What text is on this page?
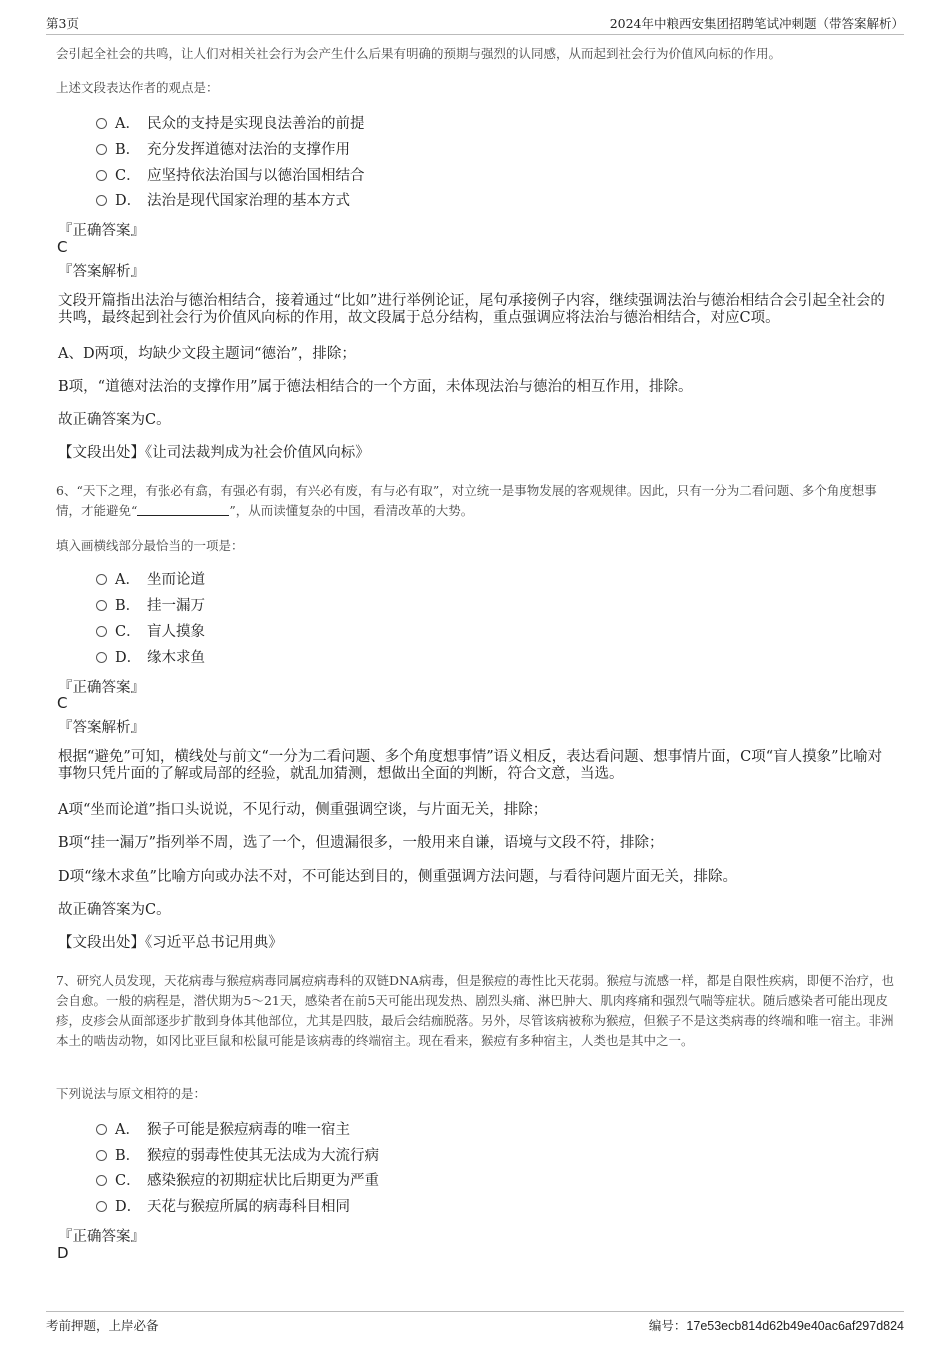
第3页	2024年中粮西安集团招聘笔试冲刺题（带答案解析）
会引起全社会的共鸣，让人们对相关社会行为会产生什么后果有明确的预期与强烈的认同感，从而起到社会行为价值风向标的作用。
上述文段表达作者的观点是：
A． 民众的支持是实现良法善治的前提
B． 充分发挥道德对法治的支撑作用
C． 应坚持依法治国与以德治国相结合
D． 法治是现代国家治理的基本方式
『正确答案』
C
『答案解析』
文段开篇指出法治与德治相结合，接着通过“比如”进行举例论证，尾句承接例子内容，继续强调法治与德治相结合会引起全社会的共鸣，最终起到社会行为价值风向标的作用，故文段属于总分结构，重点强调应将法治与德治相结合，对应C项。
A、D两项，均缺少文段主题词“德治”，排除；
B项，“道德对法治的支撑作用”属于德法相结合的一个方面，未体现法治与德治的相互作用，排除。
故正确答案为C。
【文段出处】《让司法裁判成为社会价值风向标》
6、“天下之理，有张必有翕，有强必有弱，有兴必有废，有与必有取”，对立统一是事物发展的客观规律。因此，只有一分为二看问题、多个角度想事情，才能避免“	”，从而读懂复杂的中国，看清改革的大势。
填入画横线部分最恰当的一项是：
A． 坐而论道
B． 挂一漏万
C． 盲人摸象
D． 缘木求鱼
『正确答案』
C
『答案解析』
根据“避免”可知，横线处与前文“一分为二看问题、多个角度想事情”语义相反，表达看问题、想事情片面，C项“盲人摸象”比喻对事物只凭片面的了解或局部的经验，就乱加猜测，想做出全面的判断，符合文意，当选。
A项“坐而论道”指口头说说，不见行动，侧重强调空谈，与片面无关，排除；
B项“挂一漏万”指列举不周，选了一个，但遗漏很多，一般用来自谦，语境与文段不符，排除；
D项“缘木求鱼”比喻方向或办法不对，不可能达到目的，侧重强调方法问题，与看待问题片面无关，排除。
故正确答案为C。
【文段出处】《习近平总书记用典》
7、研究人员发现，天花病毒与猴痘病毒同属痘病毒科的双链DNA病毒，但是猴痘的毒性比天花弱。猴痘与流感一样，都是自限性疾病，即便不治疗，也会自愈。一般的病程是，潜伏期为5～21天，感染者在前5天可能出现发热、剧烈头痛、淋巴肿大、肌肉疼痛和强烈气喘等症状。随后感染者可能出现皮疹，皮疹会从面部逐步扩散到身体其他部位，尤其是四肢，最后会结痂脱落。另外，尽管该病被称为猴痘，但猴子不是这类病毒的终端和唯一宿主。非洲本土的啮齿动物，如冈比亚巨鼠和松鼠可能是该病毒的终端宿主。现在看来，猴痘有多种宿主，人类也是其中之一。
下列说法与原文相符的是：
A． 猴子可能是猴痘病毒的唯一宿主
B． 猴痘的弱毒性使其无法成为大流行病
C． 感染猴痘的初期症状比后期更为严重
D． 天花与猴痘所属的病毒科目相同
『正确答案』
D
考前押题，上岸必备	编号：17e53ecb814d62b49e40ac6af297d824
